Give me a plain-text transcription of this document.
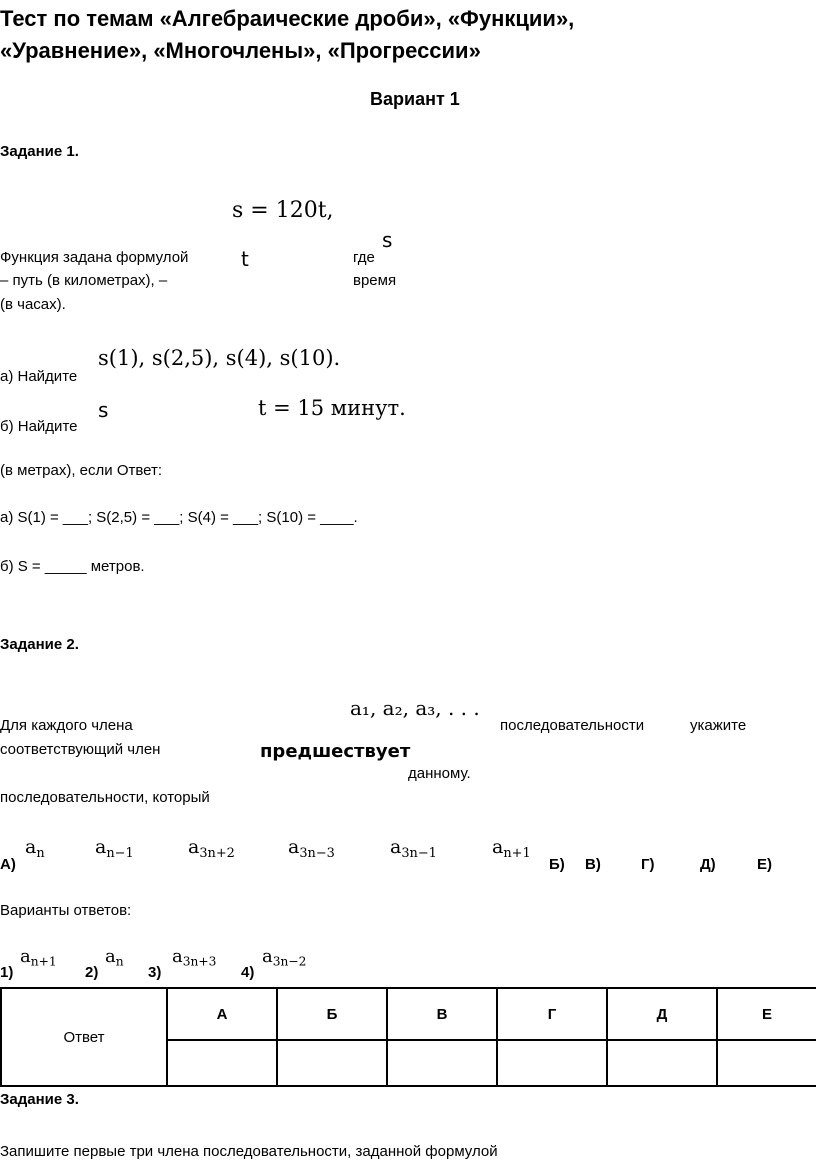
Тест по темам «Алгебраические дроби», «Функции»,
«Уравнение», «Многочлены», «Прогрессии»
Вариант 1
Задание 1.
s = 120t,
s
t
Функция задана формулой	где
– путь (в километрах), –	время
(в часах).
s(1), s(2,5), s(4), s(10).
а) Найдите
s	t = 15 минут.
б) Найдите
(в метрах), если Ответ:
а) S(1) = ___; S(2,5) = ___; S(4) = ___; S(10) = ____.
б) S = _____ метров.
Задание 2.
a₁, a₂, a₃, . . .
Для каждого члена	последовательности	укажите
соответствующий член	предшествует
данному.
последовательности, который
А)
$a_n$	$a_{n-1}$	$a_{3n+2}$	$a_{3n-3}$	$a_{3n-1}$	$a_{n+1}$
Б) В)	Г)	Д)	Е)
Варианты ответов:
1)
$a_{n+1}$
2)
$a_n$
3)
$a_{3n+3}$
4)
$a_{3n-2}$
Ответ	А	Б	В	Г	Д	Е

Задание 3.
Запишите первые три члена последовательности, заданной формулой
